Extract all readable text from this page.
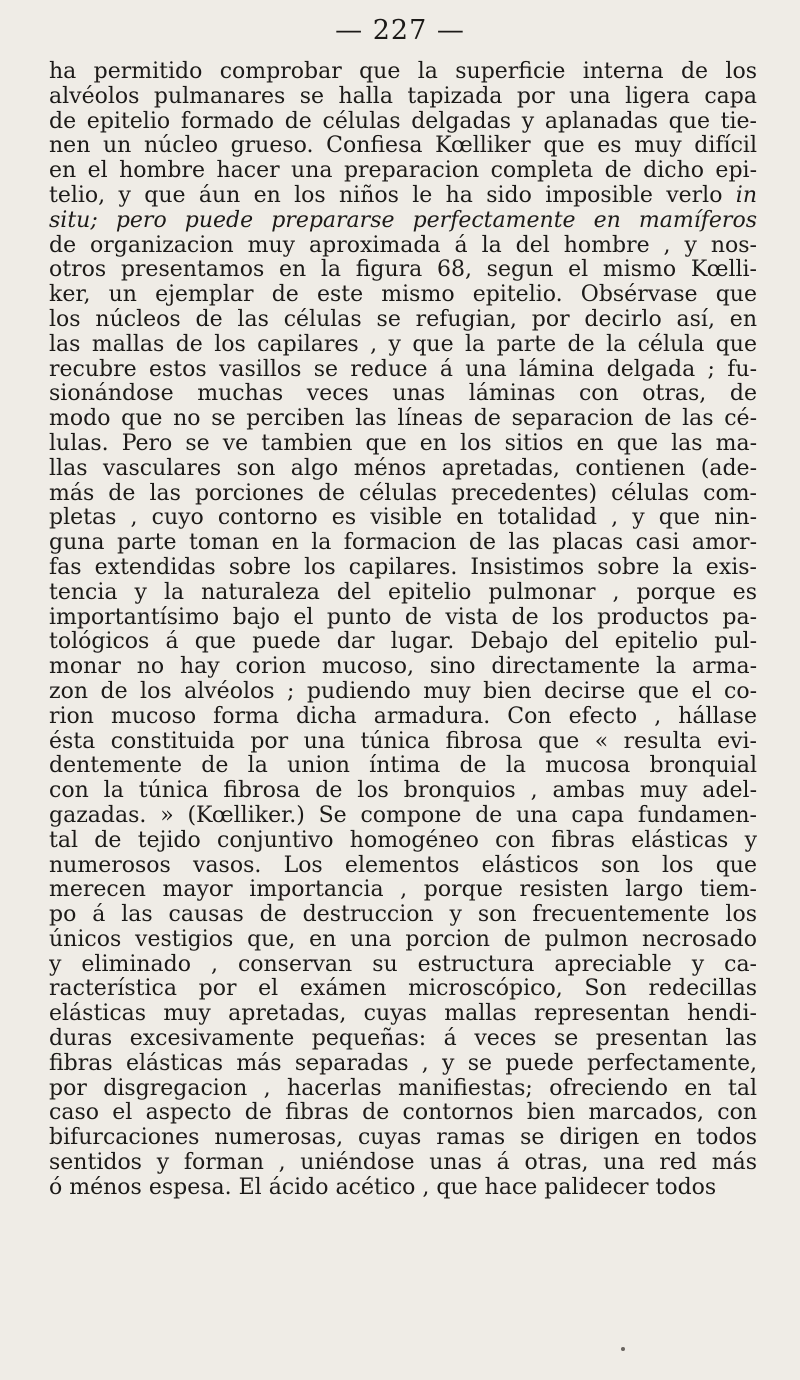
— 227 —
ha permitido comprobar que la superficie interna de los
alvéolos pulmanares se halla tapizada por una ligera capa
de epitelio formado de células delgadas y aplanadas que tie-
nen un núcleo grueso. Confiesa Kœlliker que es muy difícil
en el hombre hacer una preparacion completa de dicho epi-
telio, y que áun en los niños le ha sido imposible verlo in
situ; pero puede prepararse perfectamente en mamíferos
de organizacion muy aproximada á la del hombre , y nos-
otros presentamos en la figura 68, segun el mismo Kœlli-
ker, un ejemplar de este mismo epitelio. Obsérvase que
los núcleos de las células se refugian, por decirlo así, en
las mallas de los capilares , y que la parte de la célula que
recubre estos vasillos se reduce á una lámina delgada ; fu-
sionándose muchas veces unas láminas con otras, de
modo que no se perciben las líneas de separacion de las cé-
lulas. Pero se ve tambien que en los sitios en que las ma-
llas vasculares son algo ménos apretadas, contienen (ade-
más de las porciones de células precedentes) células com-
pletas , cuyo contorno es visible en totalidad , y que nin-
guna parte toman en la formacion de las placas casi amor-
fas extendidas sobre los capilares. Insistimos sobre la exis-
tencia y la naturaleza del epitelio pulmonar , porque es
importantísimo bajo el punto de vista de los productos pa-
tológicos á que puede dar lugar. Debajo del epitelio pul-
monar no hay corion mucoso, sino directamente la arma-
zon de los alvéolos ; pudiendo muy bien decirse que el co-
rion mucoso forma dicha armadura. Con efecto , hállase
ésta constituida por una túnica fibrosa que « resulta evi-
dentemente de la union íntima de la mucosa bronquial
con la túnica fibrosa de los bronquios , ambas muy adel-
gazadas. » (Kœlliker.) Se compone de una capa fundamen-
tal de tejido conjuntivo homogéneo con fibras elásticas y
numerosos vasos. Los elementos elásticos son los que
merecen mayor importancia , porque resisten largo tiem-
po á las causas de destruccion y son frecuentemente los
únicos vestigios que, en una porcion de pulmon necrosado
y eliminado , conservan su estructura apreciable y ca-
racterística por el exámen microscópico, Son redecillas
elásticas muy apretadas, cuyas mallas representan hendi-
duras excesivamente pequeñas: á veces se presentan las
fibras elásticas más separadas , y se puede perfectamente,
por disgregacion , hacerlas manifiestas; ofreciendo en tal
caso el aspecto de fibras de contornos bien marcados, con
bifurcaciones numerosas, cuyas ramas se dirigen en todos
sentidos y forman , uniéndose unas á otras, una red más
ó ménos espesa. El ácido acético , que hace palidecer todos
